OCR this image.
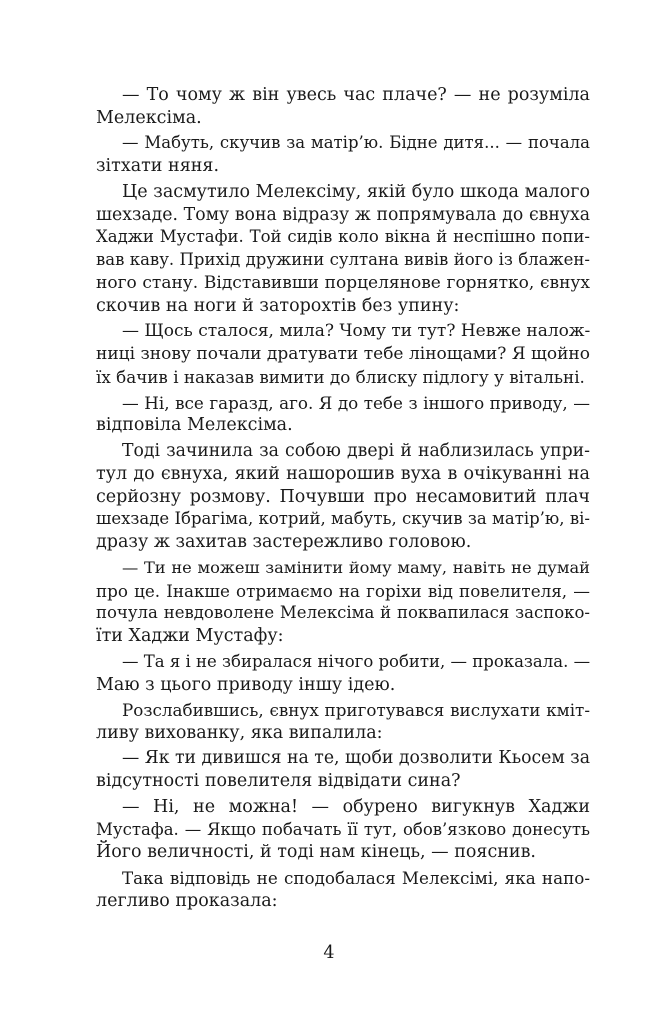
— То чому ж він увесь час плаче? — не розуміла
Мелексіма.
— Мабуть, скучив за матір’ю. Бідне дитя... — почала
зітхати няня.
Це засмутило Мелексіму, якій було шкода малого
шехзаде. Тому вона відразу ж попрямувала до євнуха
Хаджи Мустафи. Той сидів коло вікна й неспішно попи-
вав каву. Прихід дружини султана вивів його із блажен-
ного стану. Відставивши порцелянове горнятко, євнух
скочив на ноги й заторохтів без упину:
— Щось сталося, мила? Чому ти тут? Невже налож-
ниці знову почали дратувати тебе лінощами? Я щойно
їх бачив і наказав вимити до блиску підлогу у вітальні.
— Ні, все гаразд, аго. Я до тебе з іншого приводу, —
відповіла Мелексіма.
Тоді зачинила за собою двері й наблизилась упри-
тул до євнуха, який нашорошив вуха в очікуванні на
серйозну розмову. Почувши про несамовитий плач
шехзаде Ібрагіма, котрий, мабуть, скучив за матір’ю, ві-
дразу ж захитав застережливо головою.
— Ти не можеш замінити йому маму, навіть не думай
про це. Інакше отримаємо на горіхи від повелителя, —
почула невдоволене Мелексіма й поквапилася заспоко-
їти Хаджи Мустафу:
— Та я і не збиралася нічого робити, — проказала. —
Маю з цього приводу іншу ідею.
Розслабившись, євнух приготувався вислухати кміт-
ливу вихованку, яка випалила:
— Як ти дивишся на те, щоби дозволити Кьосем за
відсутності повелителя відвідати сина?
— Ні, не можна! — обурено вигукнув Хаджи
Мустафа. — Якщо побачать її тут, обов’язково донесуть
Його величності, й тоді нам кінець, — пояснив.
Така відповідь не сподобалася Мелексімі, яка напо-
легливо проказала:
4
